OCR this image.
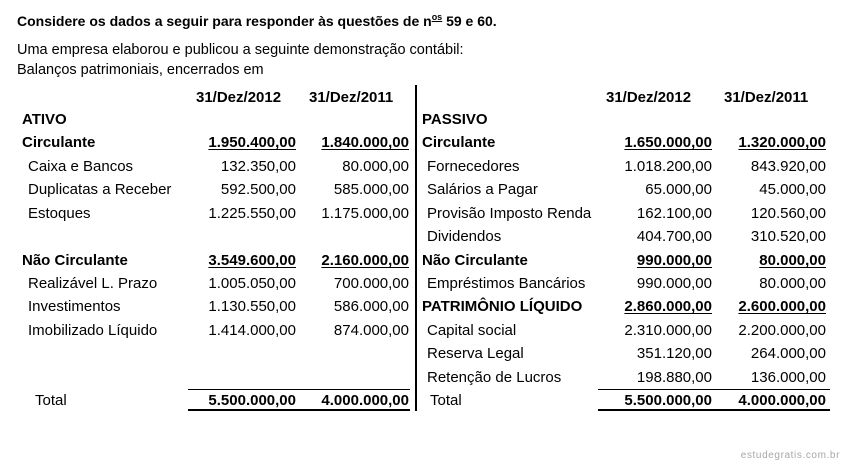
Considere os dados a seguir para responder às questões de $n^{os}$ 59 e 60.
Uma empresa elaborou e publicou a seguinte demonstração contábil:
Balanços patrimoniais, encerrados em
31/Dez/2012 31/Dez/2011	31/Dez/2012 31/Dez/2011
ATIVO
Circulante	1.950.400,00 1.840.000,00
Caixa e Bancos	132.350,00	80.000,00
Duplicatas a Receber	592.500,00	585.000,00
Estoques	1.225.550,00 1.175.000,00
Não Circulante	3.549.600,00 2.160.000,00
Realizável L. Prazo	1.005.050,00	700.000,00
Investimentos	1.130.550,00	586.000,00
Imobilizado Líquido	1.414.000,00	874.000,00
Total	5.500.000,00 4.000.000,00
PASSIVO
Circulante	1.650.000,00 1.320.000,00
Fornecedores	1.018.200,00	843.920,00
Salários a Pagar	65.000,00	45.000,00
Provisão Imposto Renda	162.100,00	120.560,00
Dividendos	404.700,00	310.520,00
Não Circulante	990.000,00	80.000,00
Empréstimos Bancários	990.000,00	80.000,00
PATRIMÔNIO LÍQUIDO	2.860.000,00 2.600.000,00
Capital social	2.310.000,00 2.200.000,00
Reserva Legal	351.120,00	264.000,00
Retenção de Lucros	198.880,00	136.000,00
Total	5.500.000,00 4.000.000,00
estudegratis.com.br
